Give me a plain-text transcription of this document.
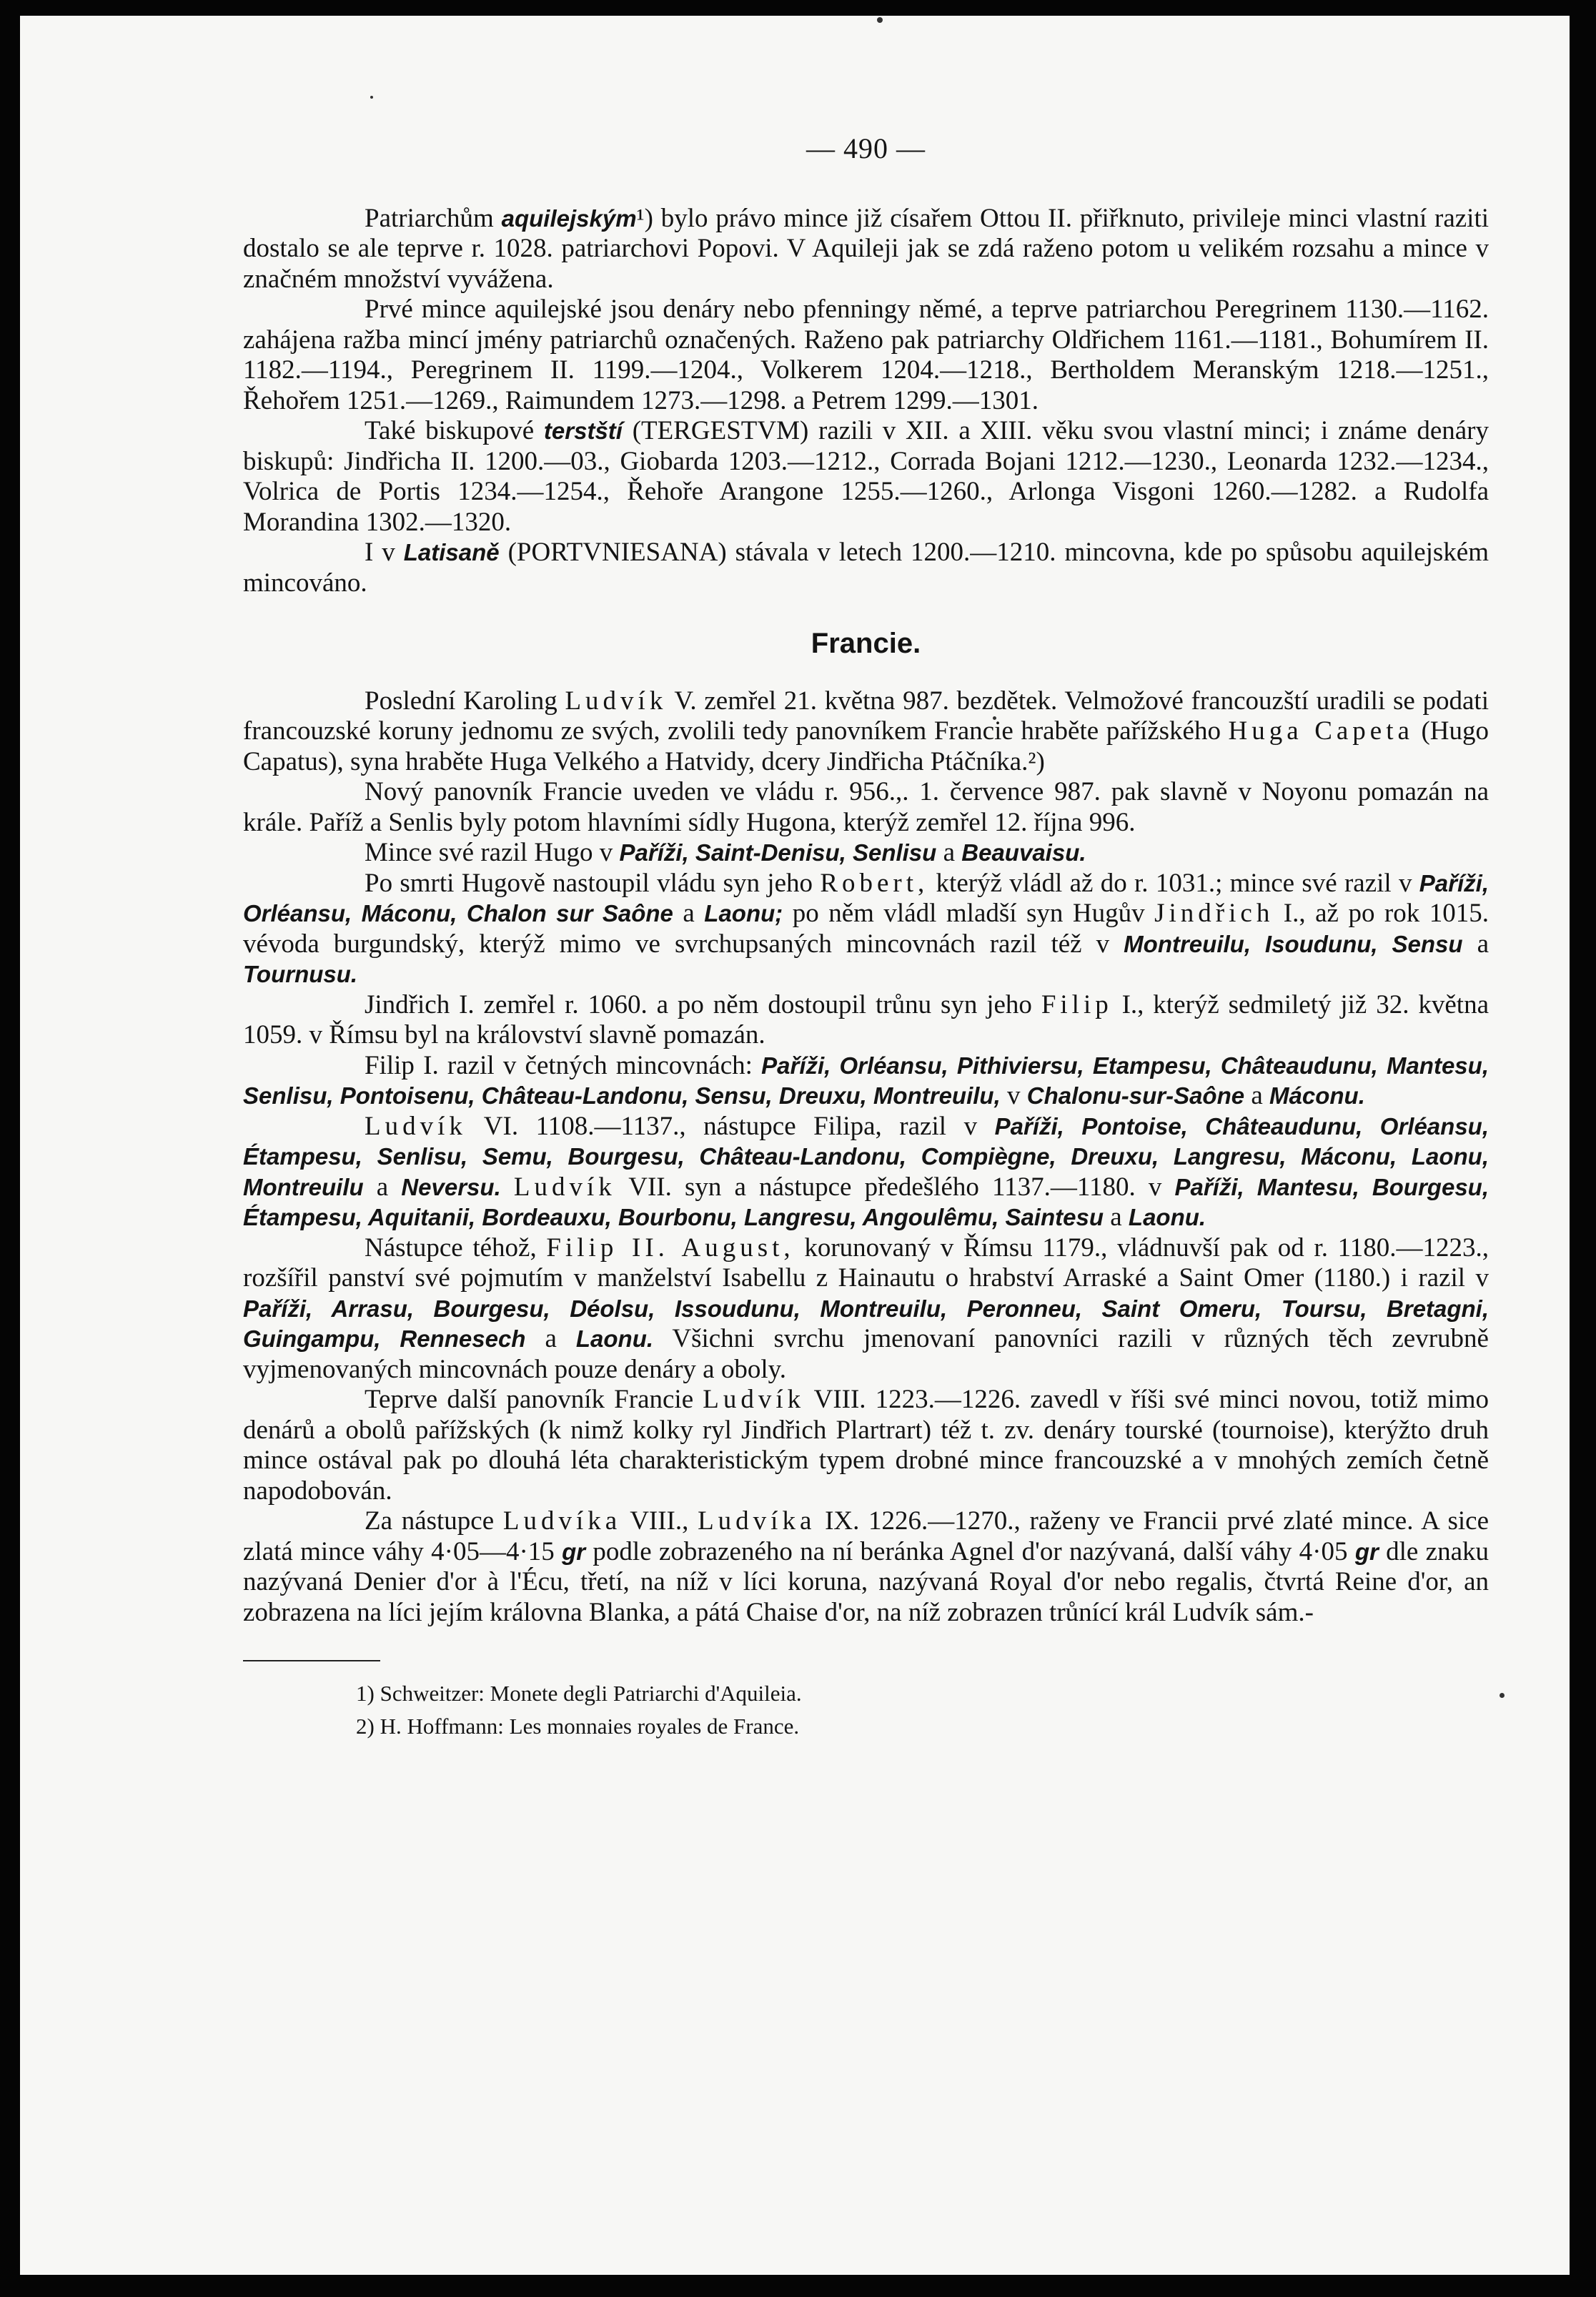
— 490 —

Patriarchům aquilejským¹) bylo právo mince již císařem Ottou II. přiřknuto, privileje minci vlastní raziti dostalo se ale teprve r. 1028. patriarchovi Popovi. V Aquileji jak se zdá raženo potom u velikém rozsahu a mince v značném množství vyvážena.

Prvé mince aquilejské jsou denáry nebo pfenningy němé, a teprve patriarchou Peregrinem 1130.—1162. zahájena ražba mincí jmény patriarchů označených. Raženo pak patriarchy Oldřichem 1161.—1181., Bohumírem II. 1182.—1194., Peregrinem II. 1199.—1204., Volkerem 1204.—1218., Bertholdem Meranským 1218.—1251., Řehořem 1251.—1269., Raimundem 1273.—1298. a Petrem 1299.—1301.

Také biskupové terstští (TERGESTVM) razili v XII. a XIII. věku svou vlastní minci; i známe denáry biskupů: Jindřicha II. 1200.—03., Giobarda 1203.—1212., Corrada Bojani 1212.—1230., Leonarda 1232.—1234., Volrica de Portis 1234.—1254., Řehoře Arangone 1255.—1260., Arlonga Visgoni 1260.—1282. a Rudolfa Morandina 1302.—1320.

I v Latisaně (PORTVNIESANA) stávala v letech 1200.—1210. mincovna, kde po spůsobu aquilejském mincováno.

Francie.

Poslední Karoling Ludvík V. zemřel 21. května 987. bezdětek. Velmožové francouzští uradili se podati francouzské koruny jednomu ze svých, zvolili tedy panovníkem Francie hraběte pařížského Huga Capeta (Hugo Capatus), syna hraběte Huga Velkého a Hatvidy, dcery Jindřicha Ptáčníka.²)

Nový panovník Francie uveden ve vládu r. 956.,. 1. července 987. pak slavně v Noyonu pomazán na krále. Paříž a Senlis byly potom hlavními sídly Hugona, kterýž zemřel 12. října 996.

Mince své razil Hugo v Paříži, Saint-Denisu, Senlisu a Beauvaisu.

Po smrti Hugově nastoupil vládu syn jeho Robert, kterýž vládl až do r. 1031.; mince své razil v Paříži, Orléansu, Máconu, Chalon sur Saône a Laonu; po něm vládl mladší syn Hugův Jindřich I., až po rok 1015. vévoda burgundský, kterýž mimo ve svrchupsaných mincovnách razil též v Montreuilu, Isoudunu, Sensu a Tournusu.

Jindřich I. zemřel r. 1060. a po něm dostoupil trůnu syn jeho Filip I., kterýž sedmiletý již 32. května 1059. v Římsu byl na království slavně pomazán.

Filip I. razil v četných mincovnách: Paříži, Orléansu, Pithiviersu, Etampesu, Châteaudunu, Mantesu, Senlisu, Pontoisenu, Château-Landonu, Sensu, Dreuxu, Montreuilu, v Chalonu-sur-Saône a Máconu.

Ludvík VI. 1108.—1137., nástupce Filipa, razil v Paříži, Pontoise, Châteaudunu, Orléansu, Étampesu, Senlisu, Semu, Bourgesu, Château-Landonu, Compiègne, Dreuxu, Langresu, Máconu, Laonu, Montreuilu a Neversu. Ludvík VII. syn a nástupce předešlého 1137.—1180. v Paříži, Mantesu, Bourgesu, Étampesu, Aquitanii, Bordeauxu, Bourbonu, Langresu, Angoulêmu, Saintesu a Laonu.

Nástupce téhož, Filip II. August, korunovaný v Římsu 1179., vládnuvší pak od r. 1180.—1223., rozšířil panství své pojmutím v manželství Isabellu z Hainautu o hrabství Arraské a Saint Omer (1180.) i razil v Paříži, Arrasu, Bourgesu, Déolsu, Issoudunu, Montreuilu, Peronneu, Saint Omeru, Toursu, Bretagni, Guingampu, Rennesech a Laonu. Všichni svrchu jmenovaní panovníci razili v různých těch zevrubně vyjmenovaných mincovnách pouze denáry a oboly.

Teprve další panovník Francie Ludvík VIII. 1223.—1226. zavedl v říši své minci novou, totiž mimo denárů a obolů pařížských (k nimž kolky ryl Jindřich Plartrart) též t. zv. denáry tourské (tournoise), kterýžto druh mince ostával pak po dlouhá léta charakteristickým typem drobné mince francouzské a v mnohých zemích četně napodobován.

Za nástupce Ludvíka VIII., Ludvíka IX. 1226.—1270., raženy ve Francii prvé zlaté mince. A sice zlatá mince váhy 4·05—4·15 gr podle zobrazeného na ní beránka Agnel d'or nazývaná, další váhy 4·05 gr dle znaku nazývaná Denier d'or à l'Écu, třetí, na níž v líci koruna, nazývaná Royal d'or nebo regalis, čtvrtá Reine d'or, an zobrazena na líci jejím královna Blanka, a pátá Chaise d'or, na níž zobrazen trůnící král Ludvík sám.-

1) Schweitzer: Monete degli Patriarchi d'Aquileia.

2) H. Hoffmann: Les monnaies royales de France.
